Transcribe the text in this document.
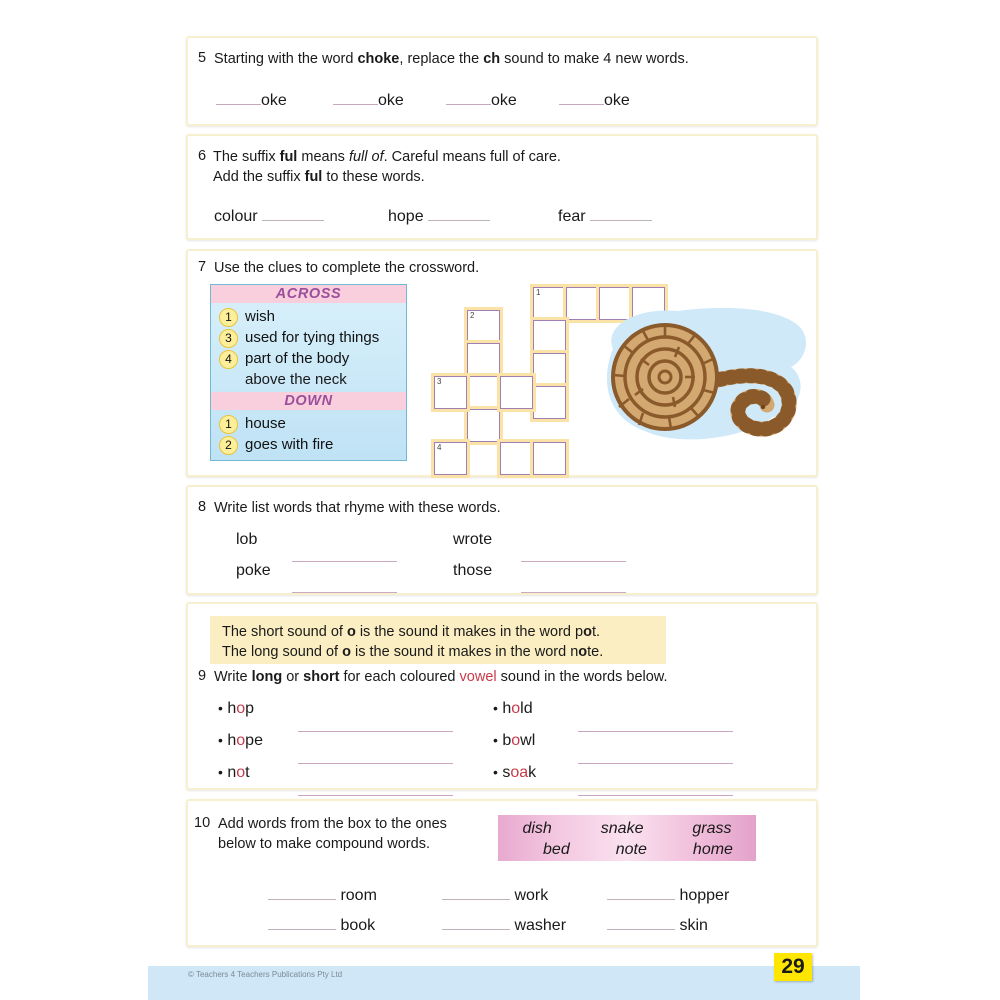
5 Starting with the word choke, replace the ch sound to make 4 new words.
oke	oke	oke	oke
6 The suffix ful means full of. Careful means full of care.
Add the suffix ful to these words.
colour	hope	fear
7 Use the clues to complete the crossword.
ACROSS
1 wish
3 used for tying things
4 part of the body
above the neck
DOWN
1 house
2 goes with fire
1
2
3
4
8 Write list words that rhyme with these words.
lob	wrote
poke	those
The short sound of o is the sound it makes in the word pot.
The long sound of o is the sound it makes in the word note.
9 Write long or short for each coloured vowel sound in the words below.
• hop
• hope
• not
• hold
• bowl
• soak
10 Add words from the box to the ones
below to make compound words.
dish	snake	grass
bed	note	home
room	work	hopper
book	washer	skin
© Teachers 4 Teachers Publications Pty Ltd	29
